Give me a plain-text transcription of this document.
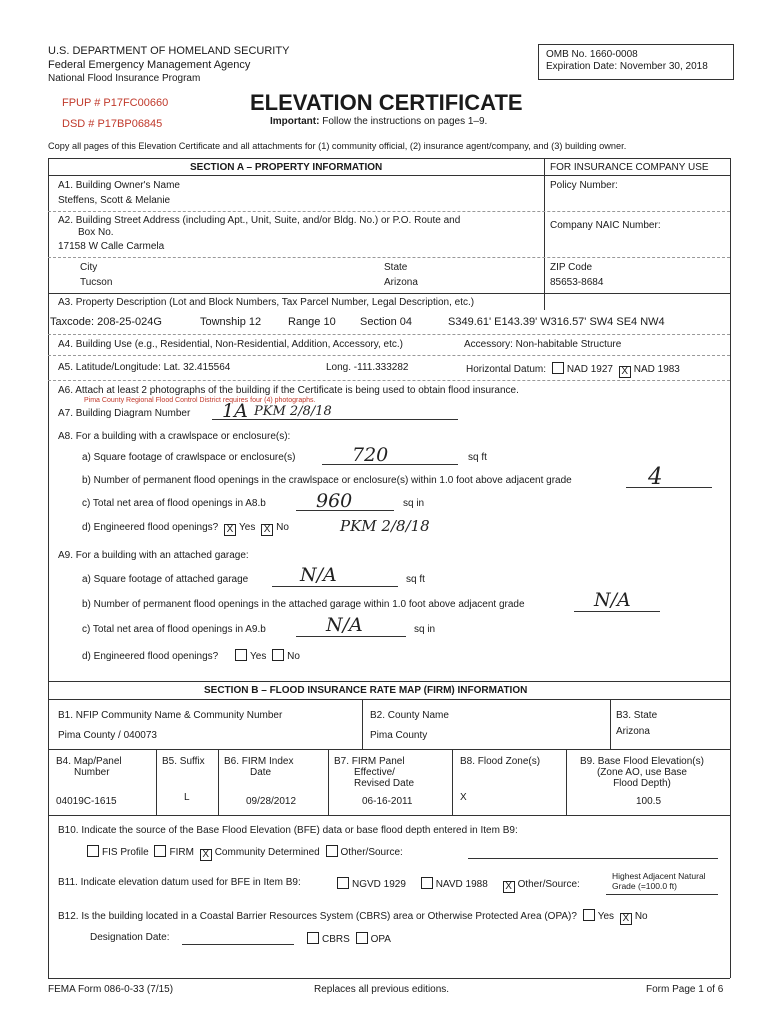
U.S. DEPARTMENT OF HOMELAND SECURITY
Federal Emergency Management Agency
National Flood Insurance Program
OMB No. 1660-0008
Expiration Date: November 30, 2018
FPUP # P17FC00660
DSD # P17BP06845
ELEVATION CERTIFICATE
Important: Follow the instructions on pages 1–9.
Copy all pages of this Elevation Certificate and all attachments for (1) community official, (2) insurance agent/company, and (3) building owner.
SECTION A – PROPERTY INFORMATION	FOR INSURANCE COMPANY USE
A1. Building Owner's Name
Steffens, Scott & Melanie
Policy Number:
A2. Building Street Address (including Apt., Unit, Suite, and/or Bldg. No.) or P.O. Route and
Box No.
17158 W Calle Carmela
Company NAIC Number:
City
Tucson
State
Arizona
ZIP Code
85653-8684
A3. Property Description (Lot and Block Numbers, Tax Parcel Number, Legal Description, etc.)
Taxcode: 208-25-024G	Township 12 Range 10 Section 04	S349.61' E143.39' W316.57' SW4 SE4 NW4
A4. Building Use (e.g., Residential, Non-Residential, Addition, Accessory, etc.)	Accessory: Non-habitable Structure
A5. Latitude/Longitude: Lat. 32.415564	Long. -111.333282	Horizontal Datum: NAD 1927 X NAD 1983
A6. Attach at least 2 photographs of the building if the Certificate is being used to obtain flood insurance.
Pima County Regional Flood Control District requires four (4) photographs.
A7. Building Diagram Number 1A PKM 2/8/18
A8. For a building with a crawlspace or enclosure(s):
a) Square footage of crawlspace or enclosure(s)	720	sq ft
b) Number of permanent flood openings in the crawlspace or enclosure(s) within 1.0 foot above adjacent grade	4
c) Total net area of flood openings in A8.b	960	sq in
d) Engineered flood openings? X Yes X No	PKM 2/8/18
A9. For a building with an attached garage:
a) Square footage of attached garage	N/A	sq ft
b) Number of permanent flood openings in the attached garage within 1.0 foot above adjacent grade	N/A
c) Total net area of flood openings in A9.b	N/A	sq in
d) Engineered flood openings?	Yes No
SECTION B – FLOOD INSURANCE RATE MAP (FIRM) INFORMATION
B1. NFIP Community Name & Community Number
Pima County / 040073
B2. County Name
Pima County
B3. State
Arizona
B4. Map/Panel
Number
04019C-1615
B5. Suffix
L
B6. FIRM Index
Date
09/28/2012
B7. FIRM Panel
Effective/
Revised Date
06-16-2011
B8. Flood Zone(s)
X
B9. Base Flood Elevation(s)
(Zone AO, use Base
Flood Depth)
100.5
B10. Indicate the source of the Base Flood Elevation (BFE) data or base flood depth entered in Item B9:
FIS Profile FIRM X Community Determined Other/Source:
B11. Indicate elevation datum used for BFE in Item B9:	NGVD 1929	NAVD 1988 X Other/Source:
Highest Adjacent Natural
Grade (=100.0 ft)
B12. Is the building located in a Coastal Barrier Resources System (CBRS) area or Otherwise Protected Area (OPA)? Yes X No
Designation Date:	CBRS OPA
FEMA Form 086-0-33 (7/15)	Replaces all previous editions.	Form Page 1 of 6
